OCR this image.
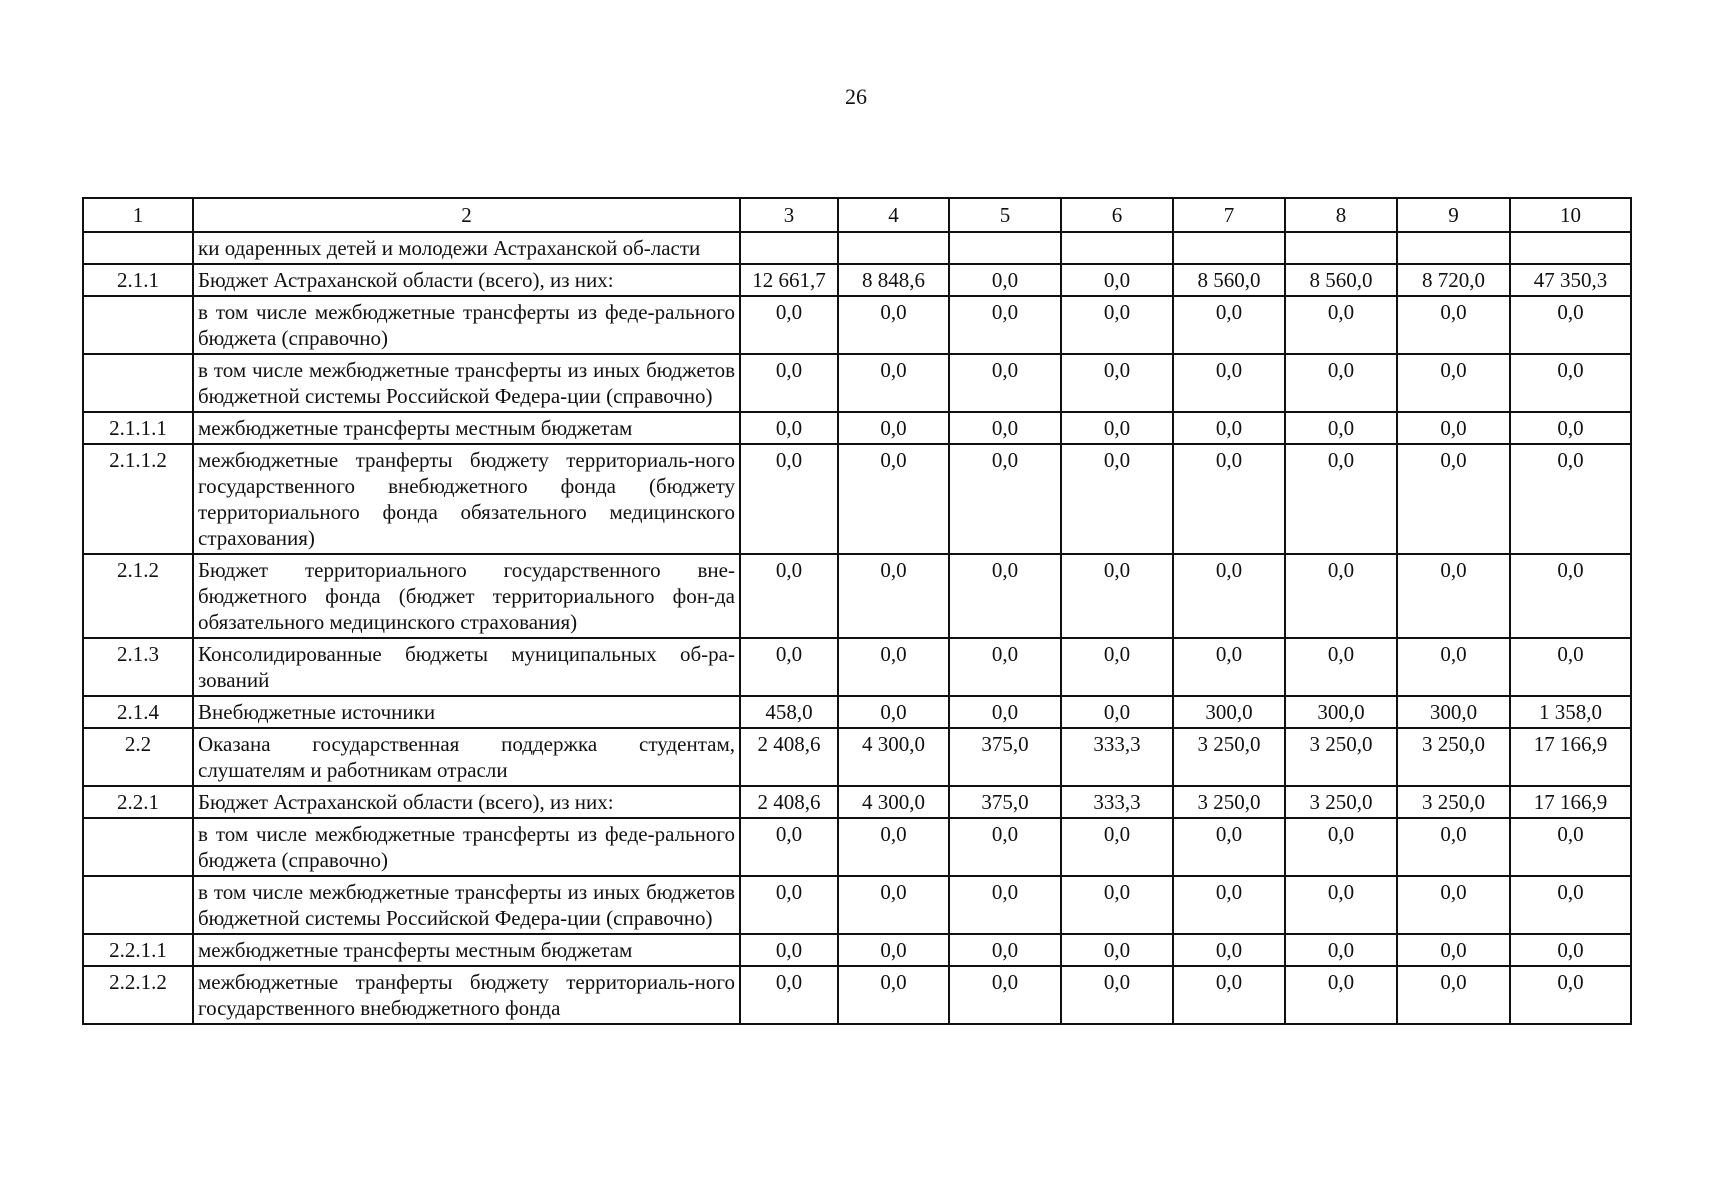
26
1	2	3	4	5	6	7	8	9	10
	ки одаренных детей и молодежи Астраханской об-ласти								
2.1.1	Бюджет Астраханской области (всего), из них:	12 661,7	8 848,6	0,0	0,0	8 560,0	8 560,0	8 720,0	47 350,3
	в том числе межбюджетные трансферты из феде-рального бюджета (справочно)	0,0	0,0	0,0	0,0	0,0	0,0	0,0	0,0
	в том числе межбюджетные трансферты из иных бюджетов бюджетной системы Российской Федера-ции (справочно)	0,0	0,0	0,0	0,0	0,0	0,0	0,0	0,0
2.1.1.1	межбюджетные трансферты местным бюджетам	0,0	0,0	0,0	0,0	0,0	0,0	0,0	0,0
2.1.1.2	межбюджетные транферты бюджету территориаль-ного государственного внебюджетного фонда (бюджету территориального фонда обязательного медицинского страхования)	0,0	0,0	0,0	0,0	0,0	0,0	0,0	0,0
2.1.2	Бюджет территориального государственного вне-бюджетного фонда (бюджет территориального фон-да обязательного медицинского страхования)	0,0	0,0	0,0	0,0	0,0	0,0	0,0	0,0
2.1.3	Консолидированные бюджеты муниципальных об-ра-зований	0,0	0,0	0,0	0,0	0,0	0,0	0,0	0,0
2.1.4	Внебюджетные источники	458,0	0,0	0,0	0,0	300,0	300,0	300,0	1 358,0
2.2	Оказана государственная поддержка студентам, слушателям и работникам отрасли	2 408,6	4 300,0	375,0	333,3	3 250,0	3 250,0	3 250,0	17 166,9
2.2.1	Бюджет Астраханской области (всего), из них:	2 408,6	4 300,0	375,0	333,3	3 250,0	3 250,0	3 250,0	17 166,9
	в том числе межбюджетные трансферты из феде-рального бюджета (справочно)	0,0	0,0	0,0	0,0	0,0	0,0	0,0	0,0
	в том числе межбюджетные трансферты из иных бюджетов бюджетной системы Российской Федера-ции (справочно)	0,0	0,0	0,0	0,0	0,0	0,0	0,0	0,0
2.2.1.1	межбюджетные трансферты местным бюджетам	0,0	0,0	0,0	0,0	0,0	0,0	0,0	0,0
2.2.1.2	межбюджетные транферты бюджету территориаль-ного государственного внебюджетного фонда	0,0	0,0	0,0	0,0	0,0	0,0	0,0	0,0
